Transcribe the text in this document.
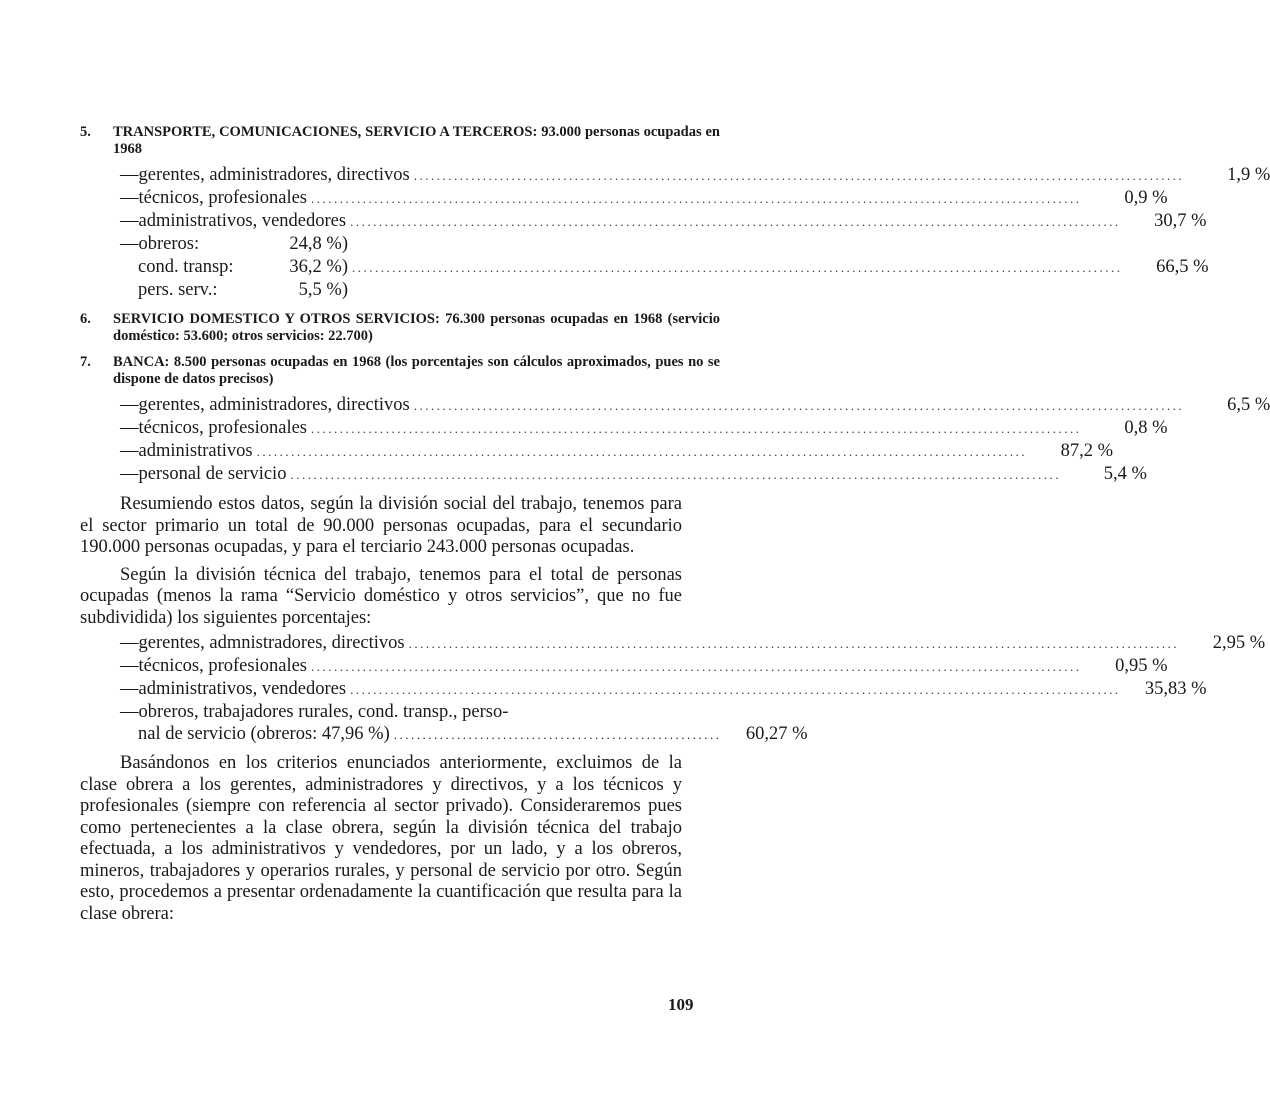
5.	TRANSPORTE, COMUNICACIONES, SERVICIO A TERCEROS: 93.000 personas ocupadas en 1968
—gerentes, administradores, directivos .....	1,9 %
—técnicos, profesionales .....	0,9 %
—administrativos, vendedores .....	30,7 %
—obreros:	24,8 %)
cond. transp:	36,2 %) .....	66,5 %
pers. serv.:	5,5 %)
6.	SERVICIO DOMESTICO Y OTROS SERVICIOS: 76.300 personas ocupadas en 1968 (servicio doméstico: 53.600; otros servicios: 22.700)
7.	BANCA: 8.500 personas ocupadas en 1968 (los porcentajes son cálculos aproximados, pues no se dispone de datos precisos)
—gerentes, administradores, directivos .....	6,5 %
—técnicos, profesionales .....	0,8 %
—administrativos .....	87,2 %
—personal de servicio .....	5,4 %

Resumiendo estos datos, según la división social del trabajo, tenemos para el sector primario un total de 90.000 personas ocupadas, para el secundario 190.000 personas ocupadas, y para el terciario 243.000 personas ocupadas.

Según la división técnica del trabajo, tenemos para el total de personas ocupadas (menos la rama “Servicio doméstico y otros servicios”, que no fue subdividida) los siguientes porcentajes:

—gerentes, admnistradores, directivos .....	2,95 %
—técnicos, profesionales .....	0,95 %
—administrativos, vendedores .....	35,83 %
—obreros, trabajadores rurales, cond. transp., perso-
nal de servicio (obreros: 47,96 %) .........................................................	60,27 %

Basándonos en los criterios enunciados anteriormente, excluimos de la clase obrera a los gerentes, administradores y directivos, y a los técnicos y profesionales (siempre con referencia al sector privado). Consideraremos pues como pertenecientes a la clase obrera, según la división técnica del trabajo efectuada, a los administrativos y vendedores, por un lado, y a los obreros, mineros, trabajadores y operarios rurales, y personal de servicio por otro. Según esto, procedemos a presentar ordenadamente la cuantificación que resulta para la clase obrera:

109
